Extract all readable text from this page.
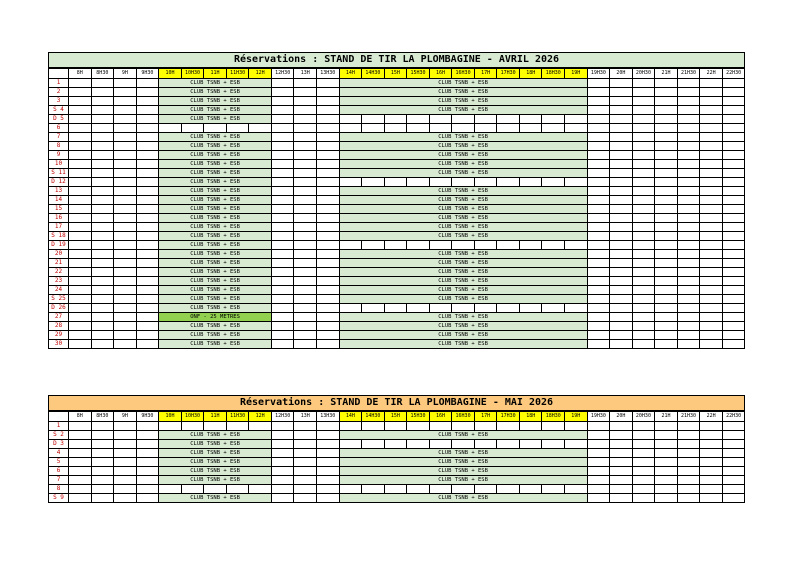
Réservations : STAND DE TIR LA PLOMBAGINE - AVRIL 2026
	8H	8H30	9H	9H30	10H	10H30	11H	11H30	12H	12H30	13H	13H30	14H	14H30	15H	15H30	16H	16H30	17H	17H30	18H	18H30	19H	19H30	20H	20H30	21H	21H30	22H	22H30
1					CLUB TSNB + ESB								CLUB TSNB + ESB																	
2					CLUB TSNB + ESB								CLUB TSNB + ESB																	
3					CLUB TSNB + ESB								CLUB TSNB + ESB																	
S 4					CLUB TSNB + ESB								CLUB TSNB + ESB																	
D 5					CLUB TSNB + ESB																									
6																														
7					CLUB TSNB + ESB								CLUB TSNB + ESB																	
8					CLUB TSNB + ESB								CLUB TSNB + ESB																	
9					CLUB TSNB + ESB								CLUB TSNB + ESB																	
10					CLUB TSNB + ESB								CLUB TSNB + ESB																	
S 11					CLUB TSNB + ESB								CLUB TSNB + ESB																	
D 12					CLUB TSNB + ESB																									
13					CLUB TSNB + ESB								CLUB TSNB + ESB																	
14					CLUB TSNB + ESB								CLUB TSNB + ESB																	
15					CLUB TSNB + ESB								CLUB TSNB + ESB																	
16					CLUB TSNB + ESB								CLUB TSNB + ESB																	
17					CLUB TSNB + ESB								CLUB TSNB + ESB																	
S 18					CLUB TSNB + ESB								CLUB TSNB + ESB																	
D 19					CLUB TSNB + ESB																									
20					CLUB TSNB + ESB								CLUB TSNB + ESB																	
21					CLUB TSNB + ESB								CLUB TSNB + ESB																	
22					CLUB TSNB + ESB								CLUB TSNB + ESB																	
23					CLUB TSNB + ESB								CLUB TSNB + ESB																	
24					CLUB TSNB + ESB								CLUB TSNB + ESB																	
S 25					CLUB TSNB + ESB								CLUB TSNB + ESB																	
D 26					CLUB TSNB + ESB																									
27					ONF - 25 METRES								CLUB TSNB + ESB																	
28					CLUB TSNB + ESB								CLUB TSNB + ESB																	
29					CLUB TSNB + ESB								CLUB TSNB + ESB																	
30					CLUB TSNB + ESB								CLUB TSNB + ESB																	
Réservations : STAND DE TIR LA PLOMBAGINE - MAI 2026
	8H	8H30	9H	9H30	10H	10H30	11H	11H30	12H	12H30	13H	13H30	14H	14H30	15H	15H30	16H	16H30	17H	17H30	18H	18H30	19H	19H30	20H	20H30	21H	21H30	22H	22H30
1																														
S 2					CLUB TSNB + ESB								CLUB TSNB + ESB																	
D 3					CLUB TSNB + ESB																									
4					CLUB TSNB + ESB								CLUB TSNB + ESB																	
5					CLUB TSNB + ESB								CLUB TSNB + ESB																	
6					CLUB TSNB + ESB								CLUB TSNB + ESB																	
7					CLUB TSNB + ESB								CLUB TSNB + ESB																	
8																														
S 9					CLUB TSNB + ESB								CLUB TSNB + ESB																	
